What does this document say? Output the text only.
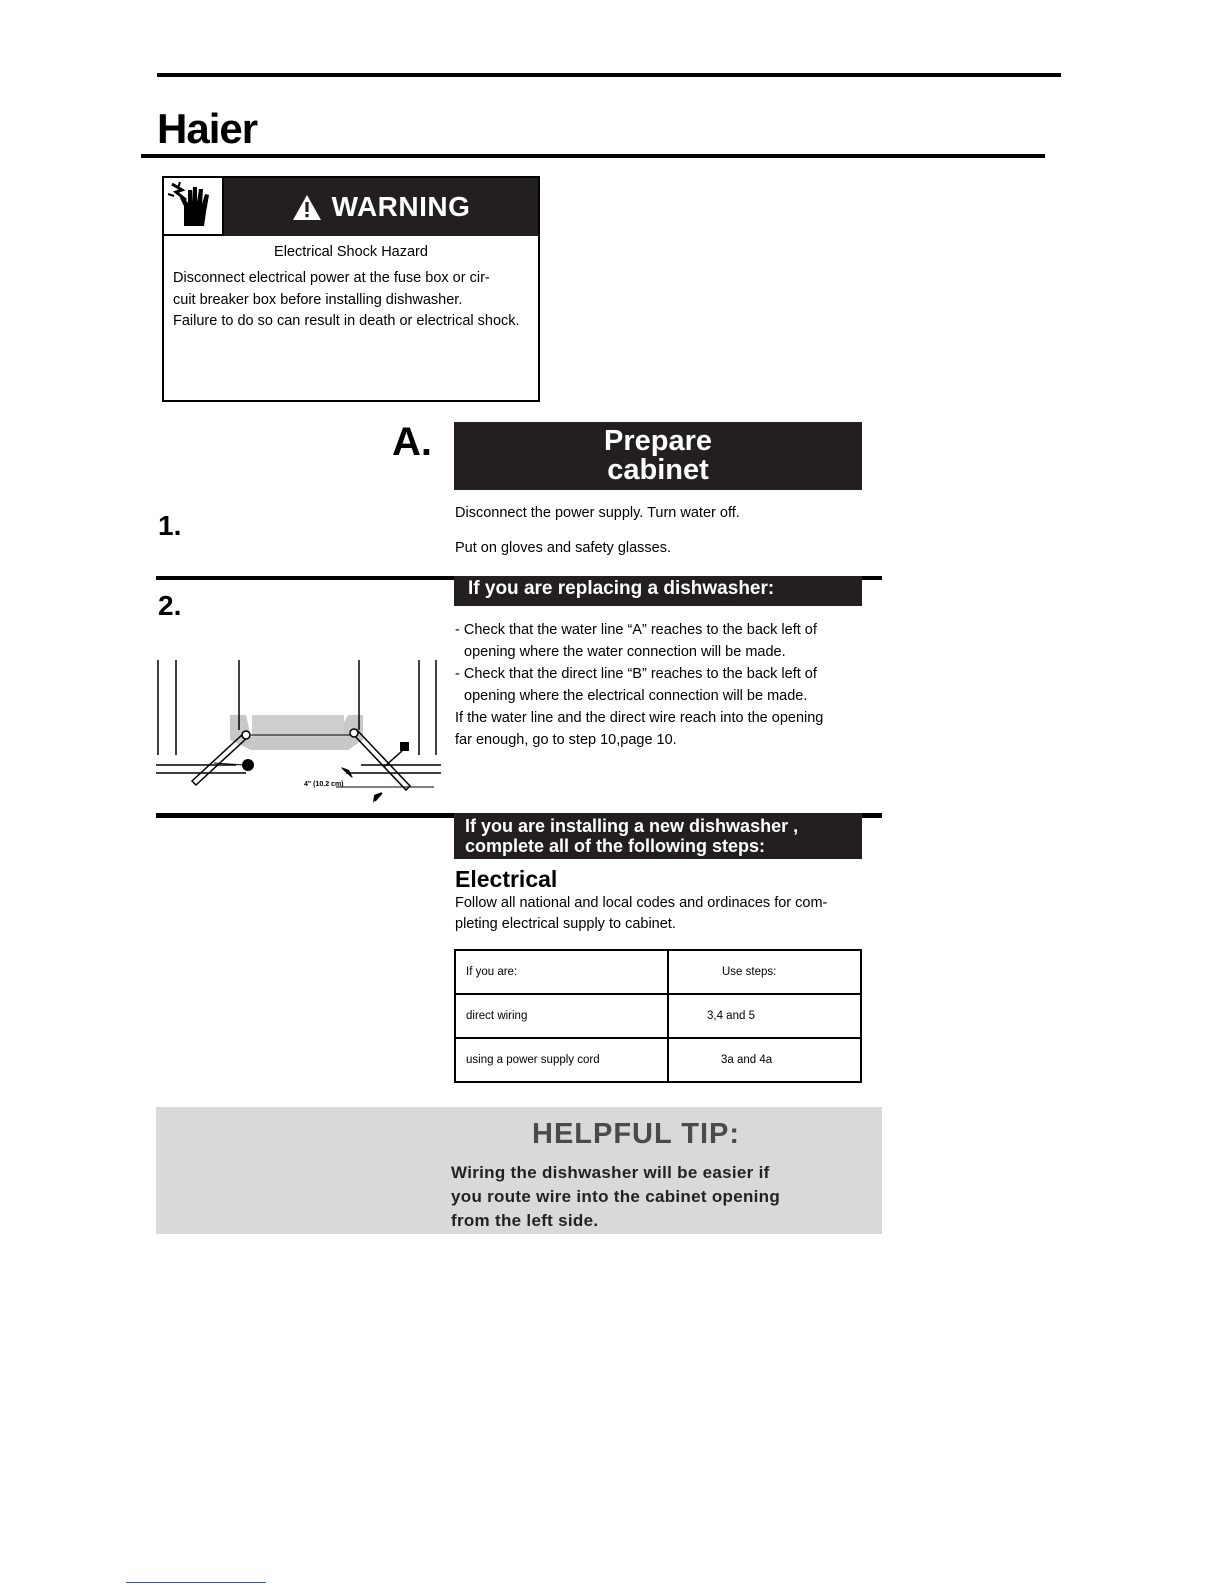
Haier
WARNING
Electrical Shock Hazard
Disconnect electrical power at the fuse box or cir-
cuit breaker box before installing dishwasher.
Failure to do so can result in death or electrical shock.
A.	Prepare
cabinet
1.	Disconnect the power supply. Turn water off.
Put on gloves and safety glasses.
2.
If you are replacing a dishwasher:
- Check that the water line “A” reaches to the back left of
opening where the water connection will be made.
- Check that the direct line “B” reaches to the back left of
opening where the electrical connection will be made.
If the water line and the direct wire reach into the opening
far enough, go to step 10,page 10.
4" (10.2 cm)
If you are installing a new dishwasher ,
complete all of the following steps:
Electrical
Follow all national and local codes and ordinaces for com-
pleting electrical supply to cabinet.
If you are:	Use steps:
direct wiring	3,4 and 5
using a power supply cord	3a and 4a
HELPFUL TIP:
Wiring the dishwasher will be easier if
you route wire into the cabinet opening
from the left side.
